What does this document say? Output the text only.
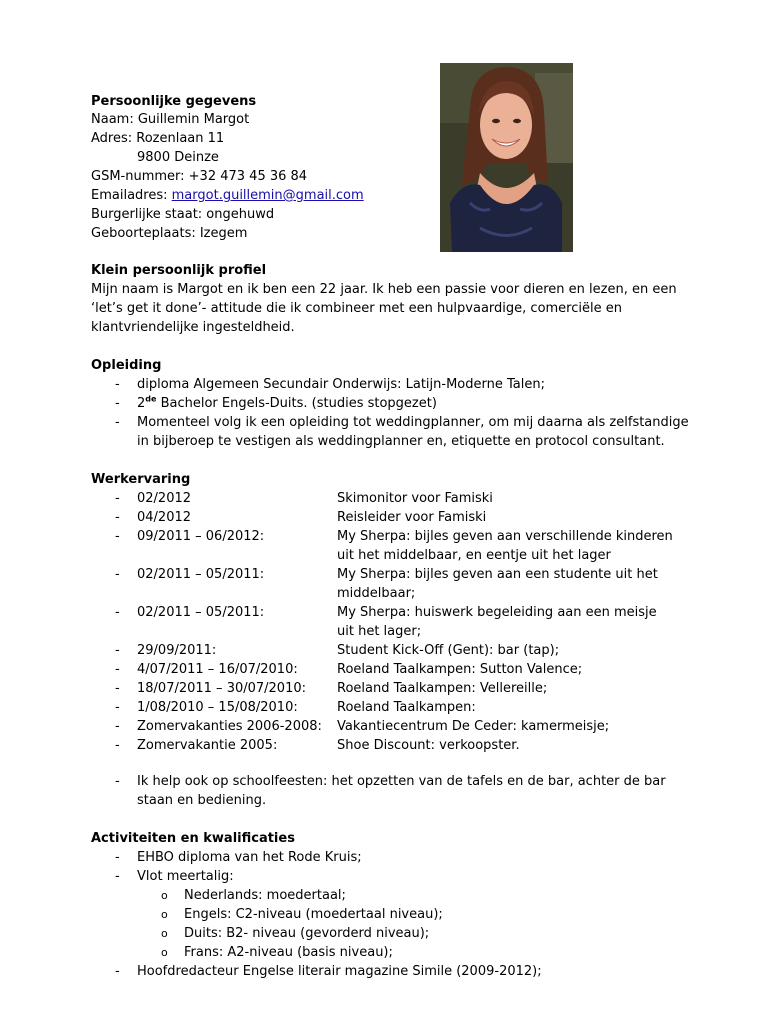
Persoonlijke gegevens
Naam: Guillemin Margot
Adres: Rozenlaan 11
9800 Deinze
GSM-nummer: +32 473 45 36 84
Emailadres: margot.guillemin@gmail.com
Burgerlijke staat: ongehuwd
Geboorteplaats: Izegem
Klein persoonlijk profiel
Mijn naam is Margot en ik ben een 22 jaar. Ik heb een passie voor dieren en lezen, en een
‘let’s get it done’- attitude die ik combineer met een hulpvaardige, comerciële en
klantvriendelijke ingesteldheid.
Opleiding
- diploma Algemeen Secundair Onderwijs: Latijn-Moderne Talen;
- 2de Bachelor Engels-Duits. (studies stopgezet)
- Momenteel volg ik een opleiding tot weddingplanner, om mij daarna als zelfstandige
in bijberoep te vestigen als weddingplanner en, etiquette en protocol consultant.
Werkervaring
- 02/2012	Skimonitor voor Famiski
- 04/2012	Reisleider voor Famiski
- 09/2011 – 06/2012:	My Sherpa: bijles geven aan verschillende kinderen
uit het middelbaar, en eentje uit het lager
- 02/2011 – 05/2011:	My Sherpa: bijles geven aan een studente uit het
middelbaar;
- 02/2011 – 05/2011:	My Sherpa: huiswerk begeleiding aan een meisje
uit het lager;
- 29/09/2011:	Student Kick-Off (Gent): bar (tap);
- 4/07/2011 – 16/07/2010:	Roeland Taalkampen: Sutton Valence;
- 18/07/2011 – 30/07/2010: Roeland Taalkampen: Vellereille;
- 1/08/2010 – 15/08/2010:	Roeland Taalkampen:
- Zomervakanties 2006-2008: Vakantiecentrum De Ceder: kamermeisje;
- Zomervakantie 2005:	Shoe Discount: verkoopster.
- Ik help ook op schoolfeesten: het opzetten van de tafels en de bar, achter de bar
staan en bediening.
Activiteiten en kwalificaties
- EHBO diploma van het Rode Kruis;
- Vlot meertalig:
o Nederlands: moedertaal;
o Engels: C2-niveau (moedertaal niveau);
o Duits: B2- niveau (gevorderd niveau);
o Frans: A2-niveau (basis niveau);
- Hoofdredacteur Engelse literair magazine Simile (2009-2012);
